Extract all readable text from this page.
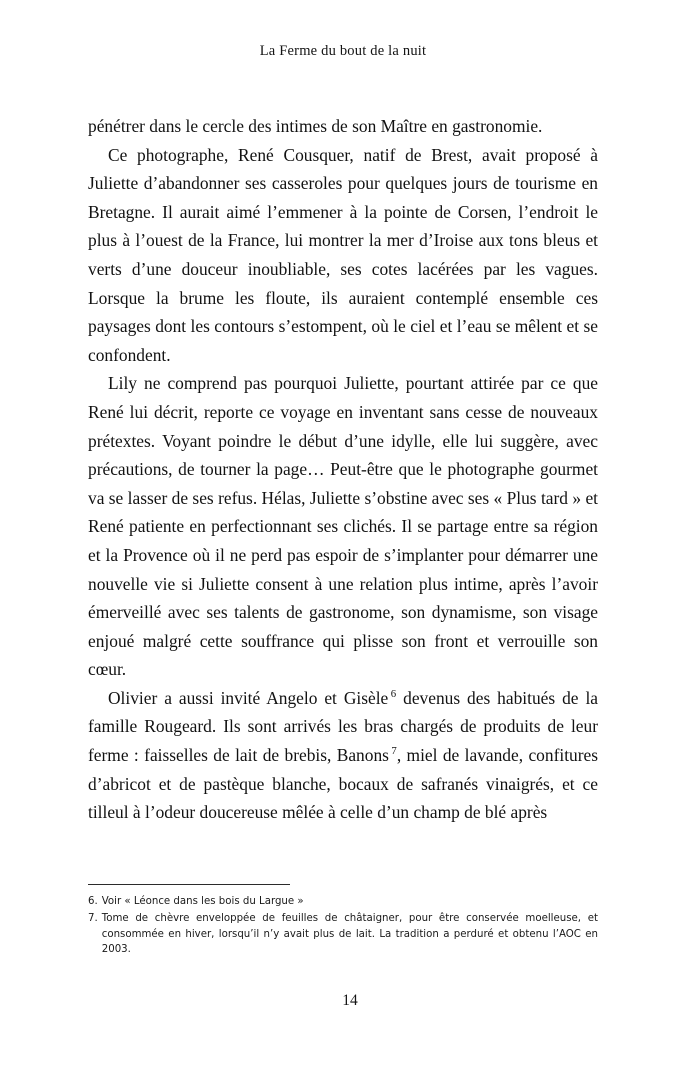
La Ferme du bout de la nuit

pénétrer dans le cercle des intimes de son Maître en gastronomie.

Ce photographe, René Cousquer, natif de Brest, avait proposé à Juliette d’abandonner ses casseroles pour quelques jours de tourisme en Bretagne. Il aurait aimé l’emmener à la pointe de Corsen, l’endroit le plus à l’ouest de la France, lui montrer la mer d’Iroise aux tons bleus et verts d’une douceur inoubliable, ses cotes lacérées par les vagues. Lorsque la brume les floute, ils auraient contemplé ensemble ces paysages dont les contours s’estompent, où le ciel et l’eau se mêlent et se confondent.

Lily ne comprend pas pourquoi Juliette, pourtant attirée par ce que René lui décrit, reporte ce voyage en inventant sans cesse de nouveaux prétextes. Voyant poindre le début d’une idylle, elle lui suggère, avec précautions, de tourner la page… Peut-être que le photographe gourmet va se lasser de ses refus. Hélas, Juliette s’obstine avec ses « Plus tard » et René patiente en perfectionnant ses clichés. Il se partage entre sa région et la Provence où il ne perd pas espoir de s’implanter pour démarrer une nouvelle vie si Juliette consent à une relation plus intime, après l’avoir émerveillé avec ses talents de gastronome, son dynamisme, son visage enjoué malgré cette souffrance qui plisse son front et verrouille son cœur.

Olivier a aussi invité Angelo et Gisèle $^6$ devenus des habitués de la famille Rougeard. Ils sont arrivés les bras chargés de produits de leur ferme : faisselles de lait de brebis, Banons $^7$, miel de lavande, confitures d’abricot et de pastèque blanche, bocaux de safranés vinaigrés, et ce tilleul à l’odeur doucereuse mêlée à celle d’un champ de blé après

6. Voir « Léonce dans les bois du Largue »
7. Tome de chèvre enveloppée de feuilles de châtaigner, pour être conservée moelleuse, et consommée en hiver, lorsqu’il n’y avait plus de lait. La tradition a perduré et obtenu l’AOC en 2003.
14
